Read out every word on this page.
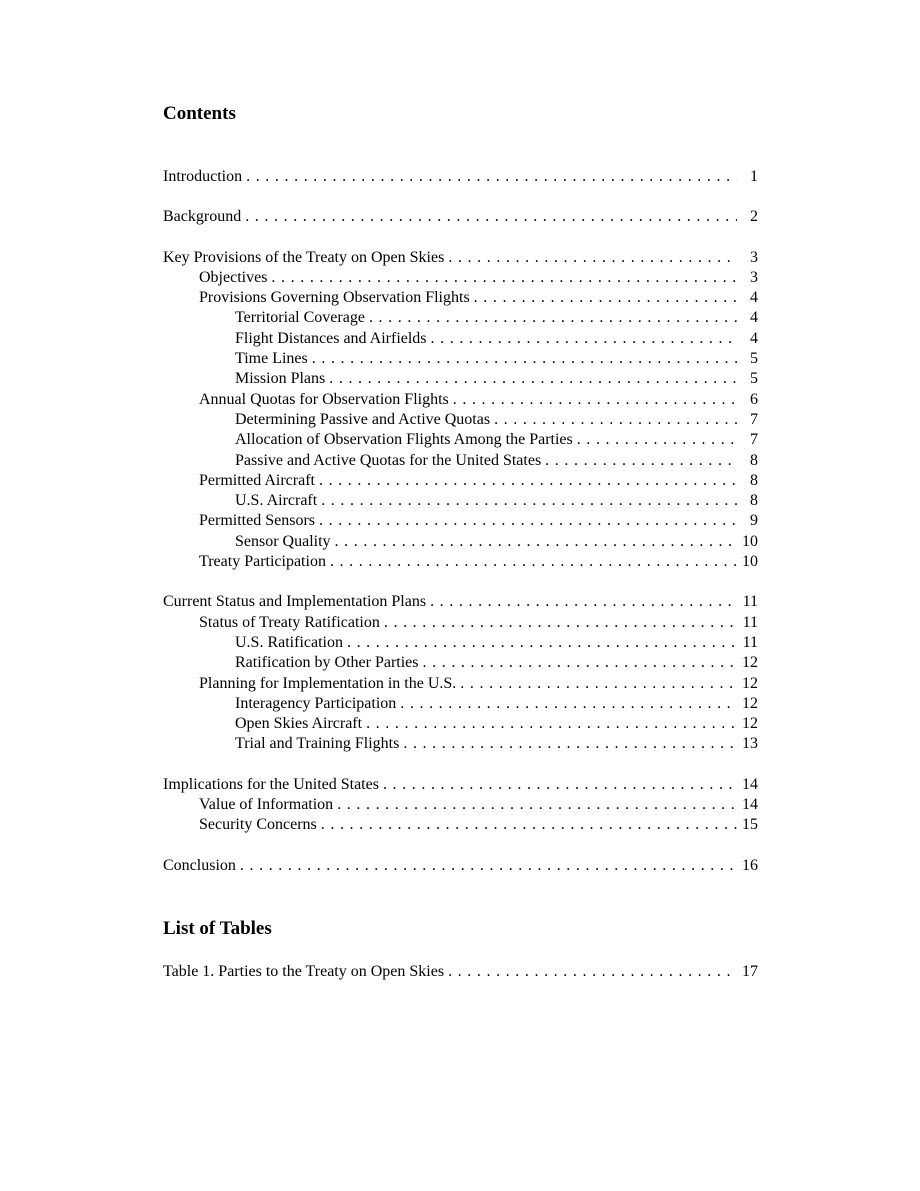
Contents
Introduction . . .	1
Background . . .	2
Key Provisions of the Treaty on Open Skies . . .	3
Objectives . . .	3
Provisions Governing Observation Flights . . .	4
Territorial Coverage . . .	4
Flight Distances and Airfields . . .	4
Time Lines . . .	5
Mission Plans . . .	5
Annual Quotas for Observation Flights . . .	6
Determining Passive and Active Quotas . . .	7
Allocation of Observation Flights Among the Parties . . .	7
Passive and Active Quotas for the United States . . .	8
Permitted Aircraft . . .	8
U.S. Aircraft . . .	8
Permitted Sensors . . .	9
Sensor Quality . . .	10
Treaty Participation . . .	10
Current Status and Implementation Plans . . .	11
Status of Treaty Ratification . . .	11
U.S. Ratification . . .	11
Ratification by Other Parties . . .	12
Planning for Implementation in the U.S. . . .	12
Interagency Participation . . .	12
Open Skies Aircraft . . .	12
Trial and Training Flights . . .	13
Implications for the United States . . .	14
Value of Information . . .	14
Security Concerns . . .	15
Conclusion . . .	16
List of Tables
Table 1. Parties to the Treaty on Open Skies . . .	17
